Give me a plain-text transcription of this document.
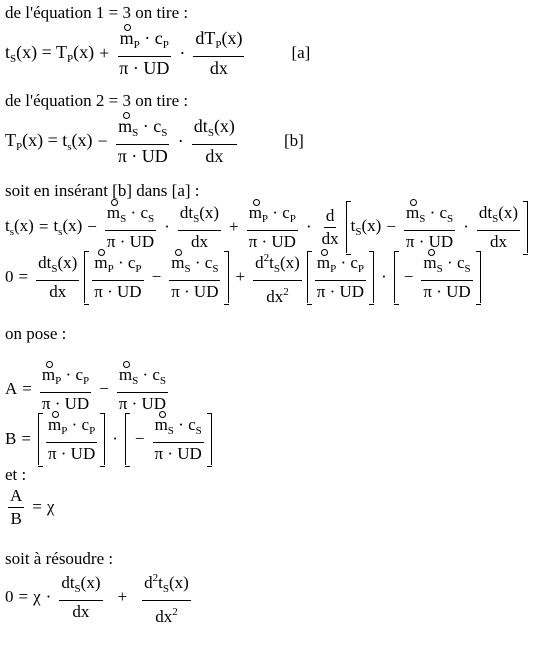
de l'équation 1 = 3 on tire :
$t_S(x) = T_P(x) + \frac{m_P \cdot c_P}{\pi \cdot UD} \cdot \frac{dT_P(x)}{dx}$	[a]
de l'équation 2 = 3 on tire :
$T_P(x) = t_s(x) - \frac{m_S \cdot c_S}{\pi \cdot UD} \cdot \frac{dt_S(x)}{dx}$	[b]
soit en insérant [b] dans [a] :
$t_s(x) = t_s(x) - \frac{m_S \cdot c_S}{\pi \cdot UD} \cdot \frac{dt_S(x)}{dx} + \frac{m_P \cdot c_P}{\pi \cdot UD} \cdot \frac{d}{dx} t_S(x) - \frac{m_S \cdot c_S}{\pi \cdot UD} \cdot \frac{dt_S(x)}{dx}$
$0 = \frac{dt_S(x)}{dx} \frac{m_P \cdot c_P}{\pi \cdot UD} - \frac{m_S \cdot c_S}{\pi \cdot UD} + \frac{d^2t_S(x)}{dx^2} \frac{m_P \cdot c_P}{\pi \cdot UD}$ · − $\frac{m_S \cdot c_S}{\pi \cdot UD}$
on pose :
$A = \frac{m_P \cdot c_P}{\pi \cdot UD} - \frac{m_S \cdot c_S}{\pi \cdot UD}$
$B = \frac{m_P \cdot c_P}{\pi \cdot UD}$ · − $\frac{m_S \cdot c_S}{\pi \cdot UD}$
et :
$\frac{A}{B} = \chi$
soit à résoudre :
$0 = \chi \cdot \frac{dt_S(x)}{dx} + \frac{d^2t_S(x)}{dx^2}$
